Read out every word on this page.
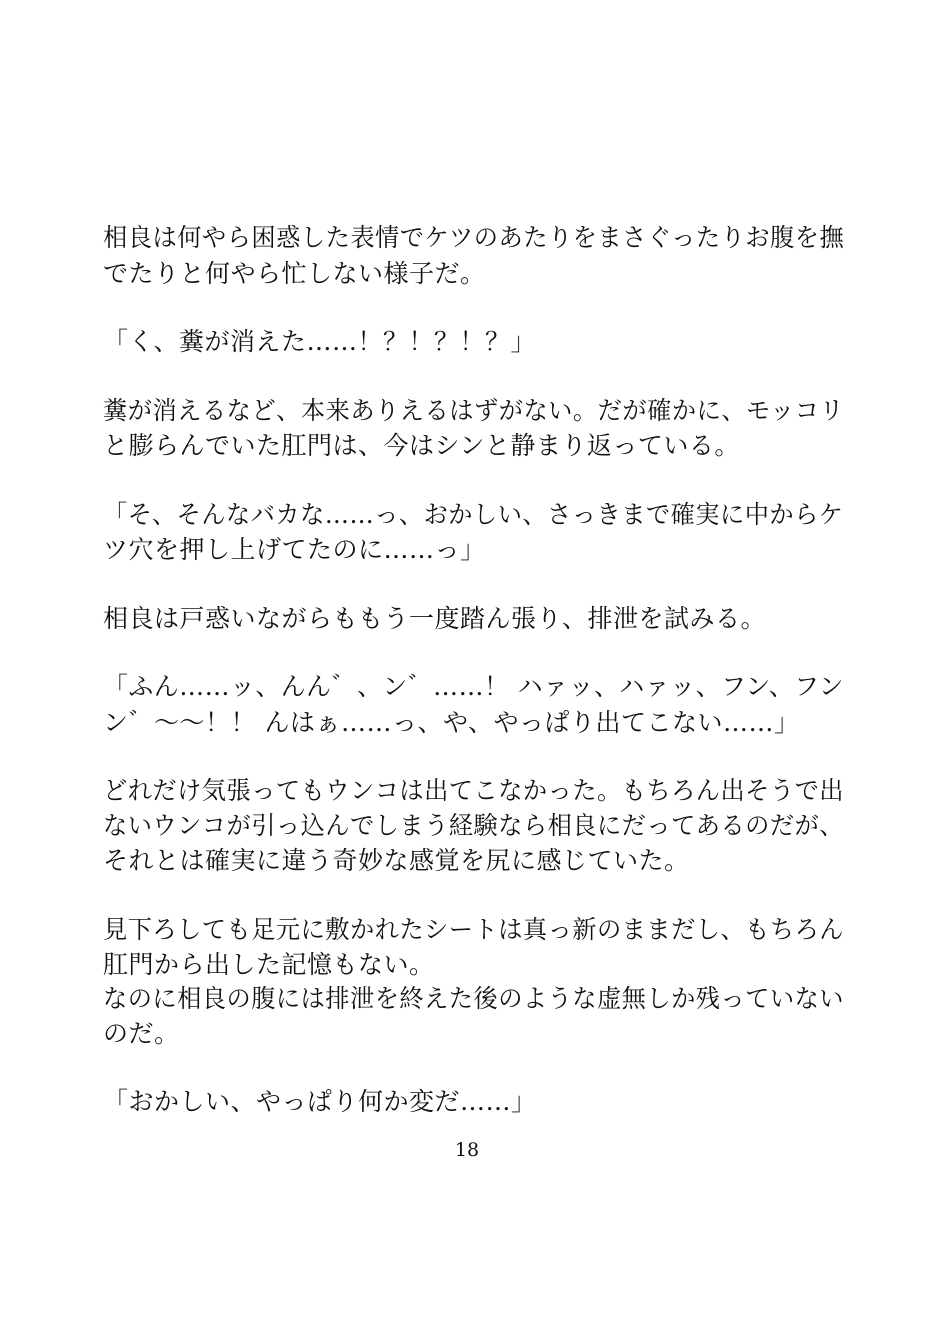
相良は何やら困惑した表情でケツのあたりをまさぐったりお腹を撫
でたりと何やら忙しない様子だ。
「く、糞が消えた……！？！？！？」
糞が消えるなど、本来ありえるはずがない。だが確かに、モッコリ
と膨らんでいた肛門は、今はシンと静まり返っている。
「そ、そんなバカな……っ、おかしい、さっきまで確実に中からケ
ツ穴を押し上げてたのに……っ」
相良は戸惑いながらももう一度踏ん張り、排泄を試みる。
「ふん……ッ、んん゛、ン゛……！ ハァッ、ハァッ、フン、フン
ン゛〜〜！！ んはぁ……っ、や、やっぱり出てこない……」
どれだけ気張ってもウンコは出てこなかった。もちろん出そうで出
ないウンコが引っ込んでしまう経験なら相良にだってあるのだが、
それとは確実に違う奇妙な感覚を尻に感じていた。
見下ろしても足元に敷かれたシートは真っ新のままだし、もちろん
肛門から出した記憶もない。
なのに相良の腹には排泄を終えた後のような虚無しか残っていない
のだ。
「おかしい、やっぱり何か変だ……」
18
